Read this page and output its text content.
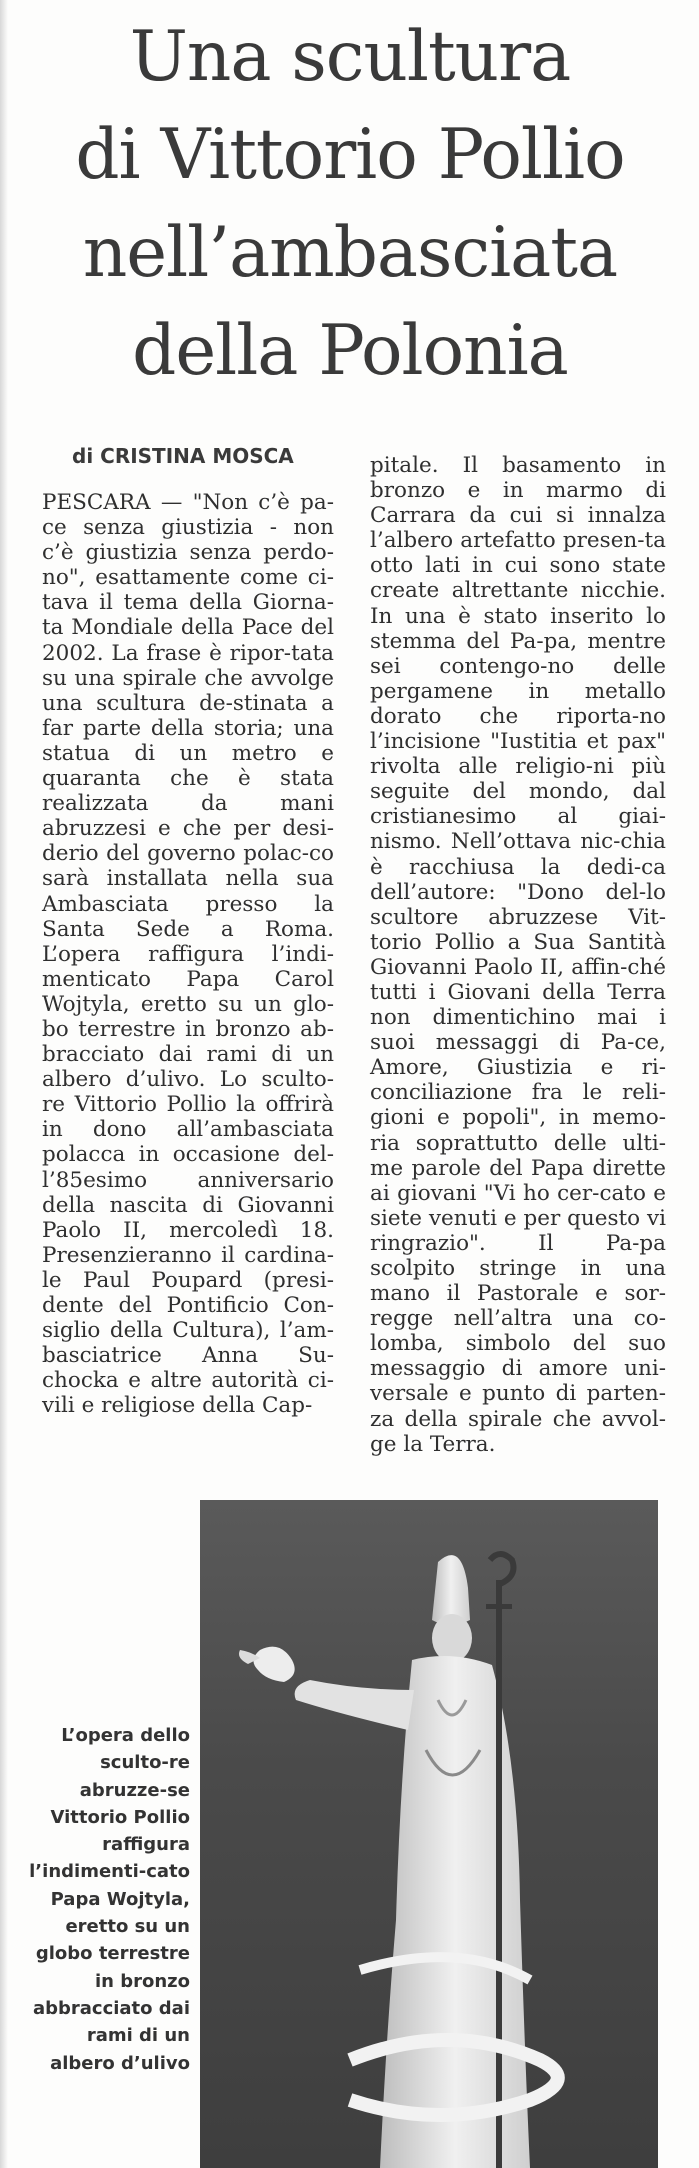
Una scultura
di Vittorio Pollio
nell’ambasciata
della Polonia
di CRISTINA MOSCA

PESCARA — "Non c’è pa-ce senza giustizia - non c’è giustizia senza perdo-no", esattamente come ci-tava il tema della Giorna-ta Mondiale della Pace del 2002. La frase è ripor-tata su una spirale che avvolge una scultura de-stinata a far parte della storia; una statua di un metro e quaranta che è stata realizzata da mani abruzzesi e che per desi-derio del governo polac-co sarà installata nella sua Ambasciata presso la Santa Sede a Roma. L’opera raffigura l’indi-menticato Papa Carol Wojtyla, eretto su un glo-bo terrestre in bronzo ab-bracciato dai rami di un albero d’ulivo. Lo sculto-re Vittorio Pollio la offrirà in dono all’ambasciata polacca in occasione del-l’85esimo anniversario della nascita di Giovanni Paolo II, mercoledì 18. Presenzieranno il cardina-le Paul Poupard (presi-dente del Pontificio Con-siglio della Cultura), l’am-basciatrice Anna Su-chocka e altre autorità ci-vili e religiose della Cap-

pitale. Il basamento in bronzo e in marmo di Carrara da cui si innalza l’albero artefatto presen-ta otto lati in cui sono state create altrettante nicchie. In una è stato inserito lo stemma del Pa-pa, mentre sei contengo-no delle pergamene in metallo dorato che riporta-no l’incisione "Iustitia et pax" rivolta alle religio-ni più seguite del mondo, dal cristianesimo al giai-nismo. Nell’ottava nic-chia è racchiusa la dedi-ca dell’autore: "Dono del-lo scultore abruzzese Vit-torio Pollio a Sua Santità Giovanni Paolo II, affin-ché tutti i Giovani della Terra non dimentichino mai i suoi messaggi di Pa-ce, Amore, Giustizia e ri-conciliazione fra le reli-gioni e popoli", in memo-ria soprattutto delle ulti-me parole del Papa dirette ai giovani "Vi ho cer-cato e siete venuti e per questo vi ringrazio". Il Pa-pa scolpito stringe in una mano il Pastorale e sor-regge nell’altra una co-lomba, simbolo del suo messaggio di amore uni-versale e punto di parten-za della spirale che avvol-ge la Terra.

L’opera dello sculto-re abruzze-se Vittorio Pollio raffigura l’indimenti-cato Papa Wojtyla, eretto su un globo terrestre in bronzo abbracciato dai rami di un albero d’ulivo
